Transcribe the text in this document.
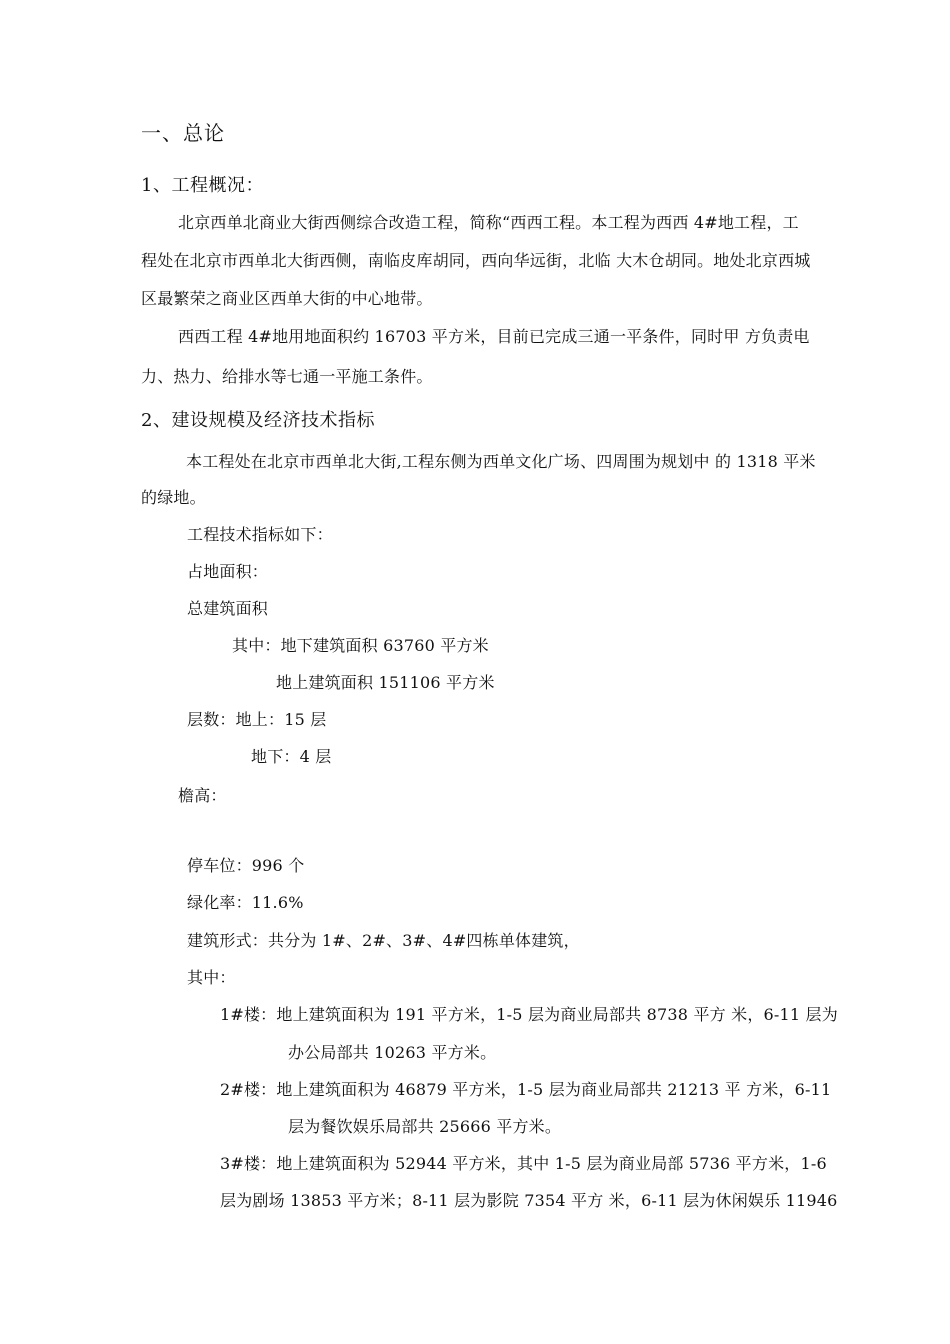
一、总论
1、工程概况：
北京西单北商业大街西侧综合改造工程，简称“西西工程。本工程为西西 4#地工程，工
程处在北京市西单北大街西侧，南临皮库胡同，西向华远街，北临 大木仓胡同。地处北京西城
区最繁荣之商业区西单大街的中心地带。
西西工程 4#地用地面积约 16703 平方米，目前已完成三通一平条件，同时甲 方负责电
力、热力、给排水等七通一平施工条件。
2、建设规模及经济技术指标
本工程处在北京市西单北大街,工程东侧为西单文化广场、四周围为规划中 的 1318 平米
的绿地。
工程技术指标如下：
占地面积：
总建筑面积
其中：地下建筑面积 63760 平方米
地上建筑面积 151106 平方米
层数：地上：15 层
地下：4 层
檐高：
停车位：996 个
绿化率：11.6%
建筑形式：共分为 1#、2#、3#、4#四栋单体建筑，
其中：
1#楼：地上建筑面积为 191 平方米，1-5 层为商业局部共 8738 平方 米，6-11 层为
办公局部共 10263 平方米。
2#楼：地上建筑面积为 46879 平方米，1-5 层为商业局部共 21213 平 方米，6-11
层为餐饮娱乐局部共 25666 平方米。
3#楼：地上建筑面积为 52944 平方米，其中 1-5 层为商业局部 5736 平方米，1-6
层为剧场 13853 平方米；8-11 层为影院 7354 平方 米，6-11 层为休闲娱乐 11946
